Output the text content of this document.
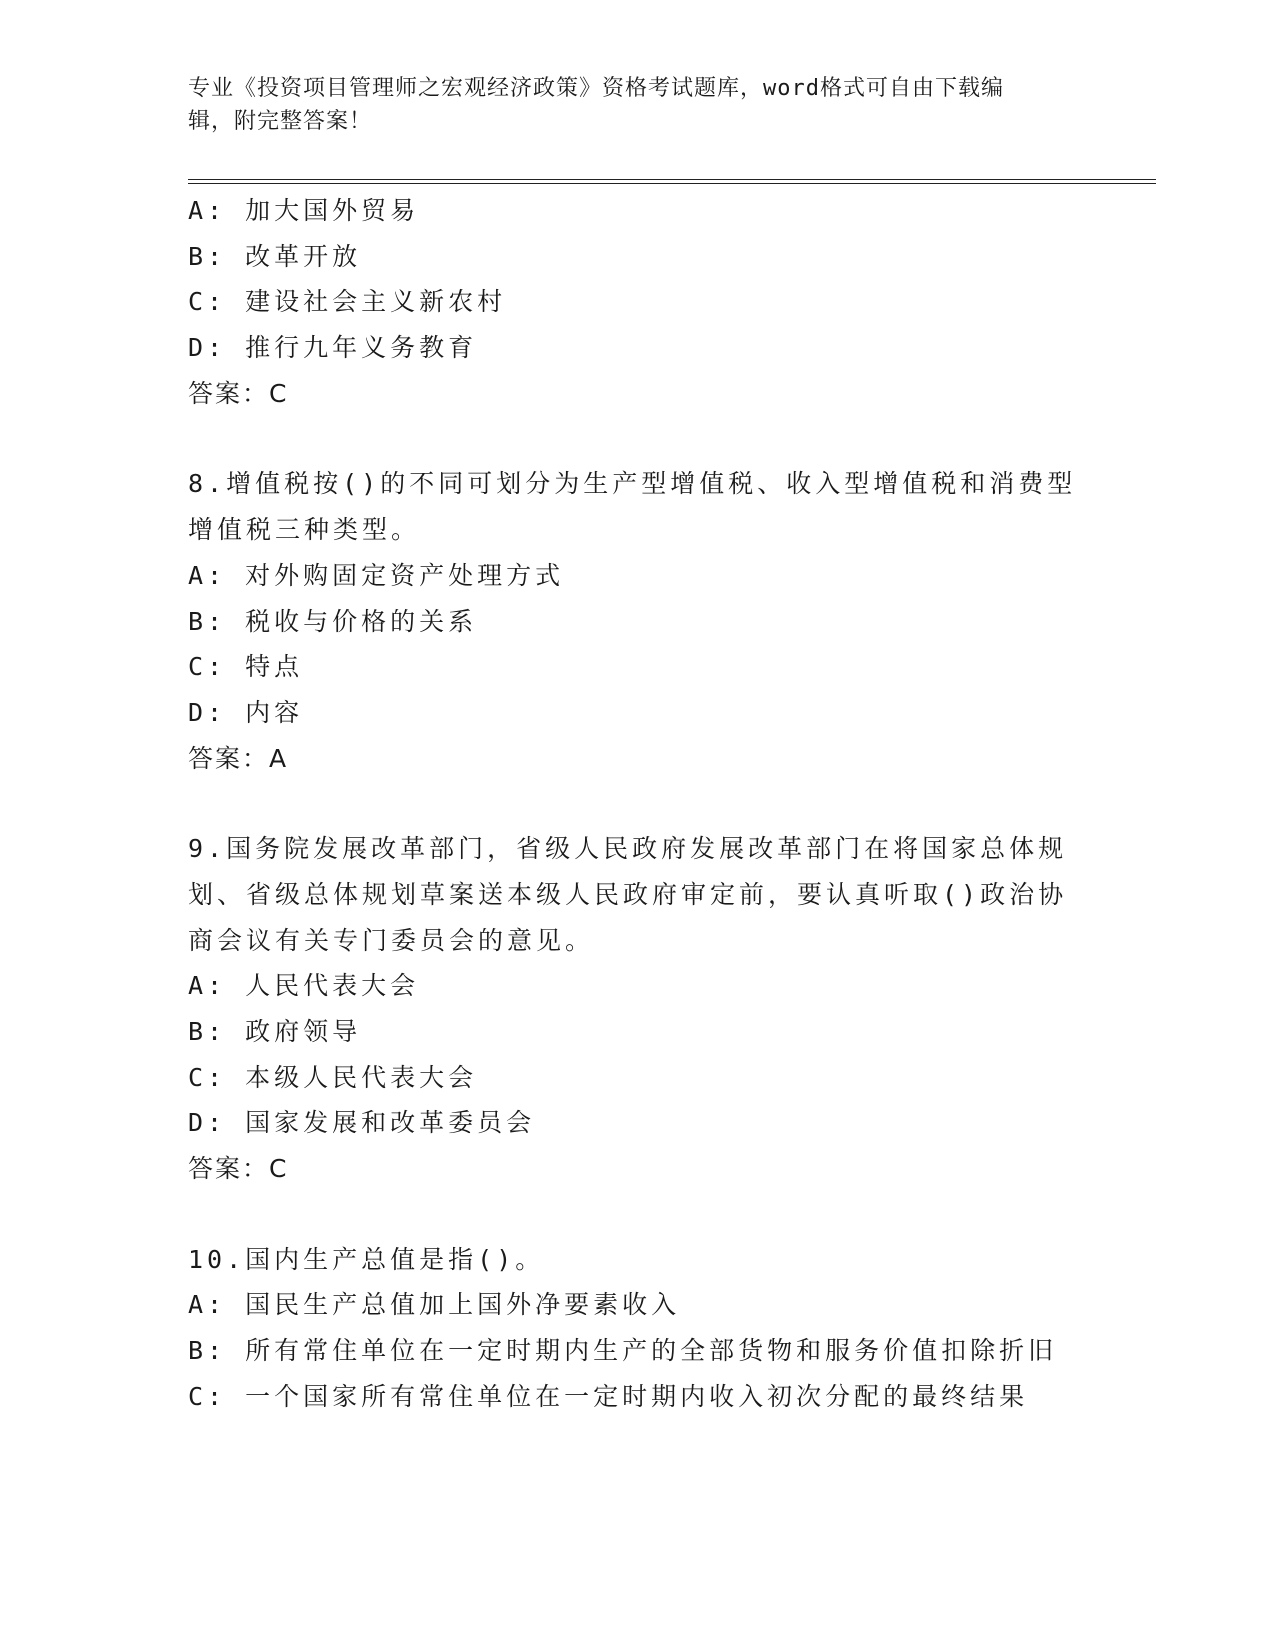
专业《投资项目管理师之宏观经济政策》资格考试题库，word格式可自由下载编
辑，附完整答案！
A: 加大国外贸易
B: 改革开放
C: 建设社会主义新农村
D: 推行九年义务教育
答案：C
8.增值税按()的不同可划分为生产型增值税、收入型增值税和消费型
增值税三种类型。
A: 对外购固定资产处理方式
B: 税收与价格的关系
C: 特点
D: 内容
答案：A
9.国务院发展改革部门，省级人民政府发展改革部门在将国家总体规
划、省级总体规划草案送本级人民政府审定前，要认真听取()政治协
商会议有关专门委员会的意见。
A: 人民代表大会
B: 政府领导
C: 本级人民代表大会
D: 国家发展和改革委员会
答案：C
10.国内生产总值是指()。
A: 国民生产总值加上国外净要素收入
B: 所有常住单位在一定时期内生产的全部货物和服务价值扣除折旧
C: 一个国家所有常住单位在一定时期内收入初次分配的最终结果
